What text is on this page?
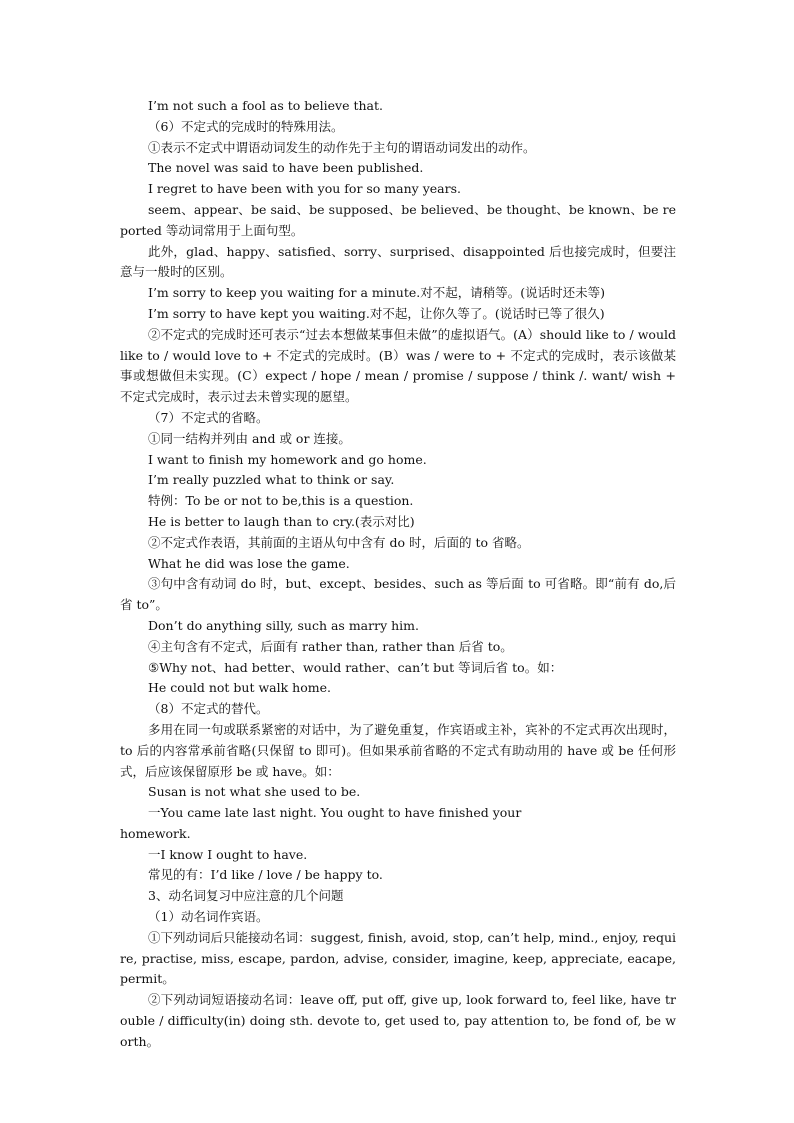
I’m not such a fool as to believe that.

（6）不定式的完成时的特殊用法。

①表示不定式中谓语动词发生的动作先于主句的谓语动词发出的动作。

The novel was said to have been published.

I regret to have been with you for so many years.

seem、appear、be said、be supposed、be believed、be thought、be known、be reported 等动词常用于上面句型。

此外，glad、happy、satisfied、sorry、surprised、disappointed 后也接完成时，但要注意与一般时的区别。

I’m sorry to keep you waiting for a minute.对不起，请稍等。(说话时还未等)

I’m sorry to have kept you waiting.对不起，让你久等了。(说话时已等了很久)

②不定式的完成时还可表示“过去本想做某事但未做”的虚拟语气。(A）should like to / would like to / would love to + 不定式的完成时。(B）was / were to + 不定式的完成时，表示该做某事或想做但未实现。(C）expect / hope / mean / promise / suppose / think /. want/ wish + 不定式完成时，表示过去未曾实现的愿望。

（7）不定式的省略。

①同一结构并列由 and 或 or 连接。

I want to finish my homework and go home.

I’m really puzzled what to think or say.

特例：To be or not to be,this is a question.

He is better to laugh than to cry.(表示对比)

②不定式作表语，其前面的主语从句中含有 do 时，后面的 to 省略。

What he did was lose the game.

③句中含有动词 do 时，but、except、besides、such as 等后面 to 可省略。即“前有 do,后省 to”。

Don’t do anything silly, such as marry him.

④主句含有不定式，后面有 rather than, rather than 后省 to。

⑤Why not、had better、would rather、can’t but 等词后省 to。如：

He could not but walk home.

（8）不定式的替代。

多用在同一句或联系紧密的对话中，为了避免重复，作宾语或主补，宾补的不定式再次出现时，to 后的内容常承前省略(只保留 to 即可)。但如果承前省略的不定式有助动用的 have 或 be 任何形式，后应该保留原形 be 或 have。如：

Susan is not what she used to be.

一You came late last night. You ought to have finished your

homework.

一I know I ought to have.

常见的有：I’d like / love / be happy to.

3、动名词复习中应注意的几个问题

（1）动名词作宾语。

①下列动词后只能接动名词：suggest, finish, avoid, stop, can’t help, mind., enjoy, require, practise, miss, escape, pardon, advise, consider, imagine, keep, appreciate, eacape, permit。

②下列动词短语接动名词：leave off, put off, give up, look forward to, feel like, have trouble / difficulty(in) doing sth. devote to, get used to, pay attention to, be fond of, be worth。
